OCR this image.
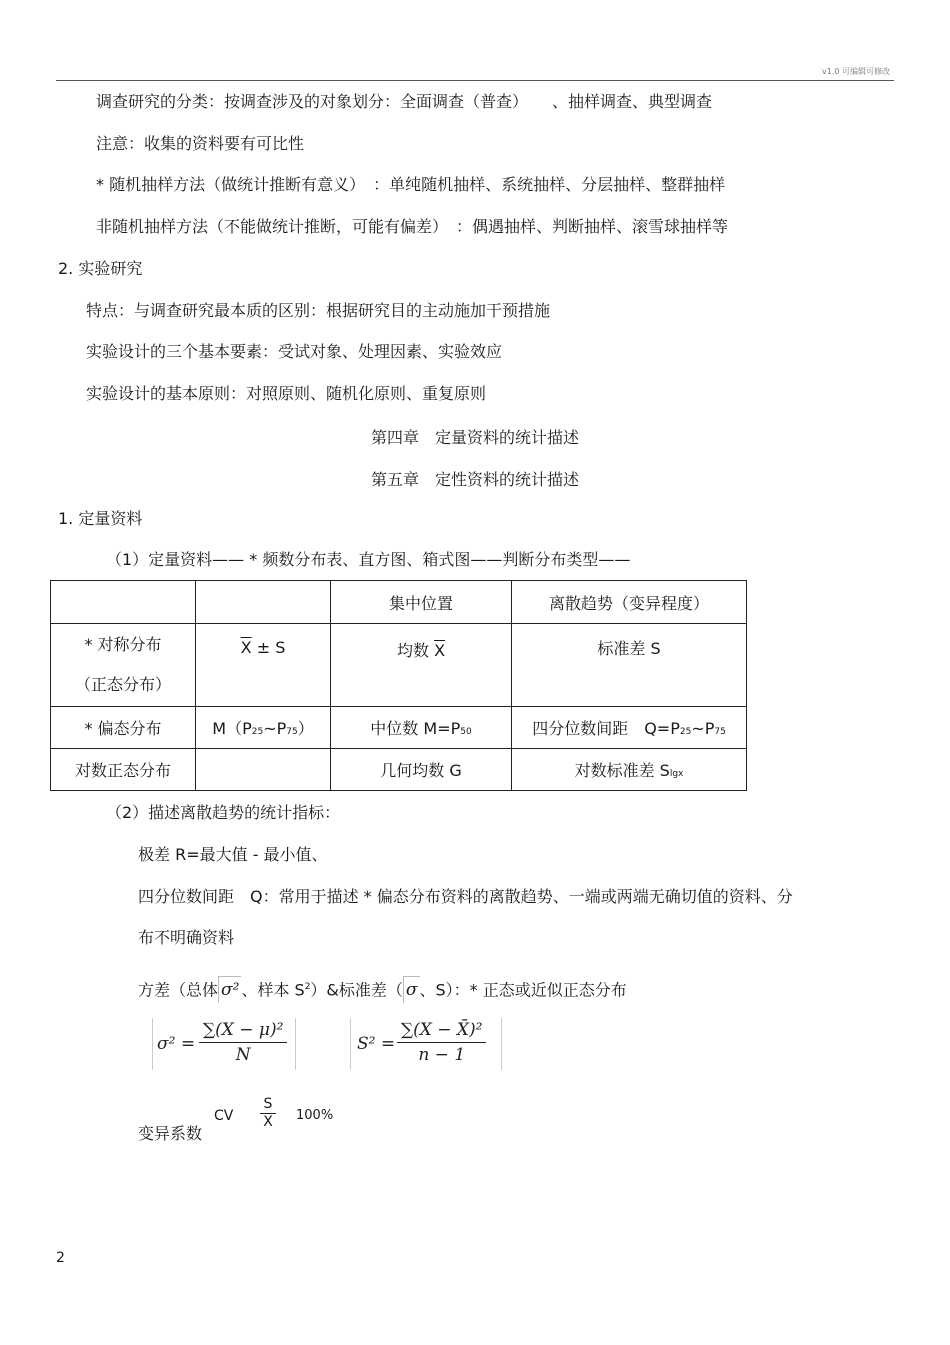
v1.0 可编辑可修改
调查研究的分类：按调查涉及的对象划分：全面调查（普查）　　、抽样调查、典型调查
注意：收集的资料要有可比性
* 随机抽样方法（做统计推断有意义）　：单纯随机抽样、系统抽样、分层抽样、整群抽样
非随机抽样方法（不能做统计推断，可能有偏差）　：偶遇抽样、判断抽样、滚雪球抽样等
2. 实验研究
特点：与调查研究最本质的区别：根据研究目的主动施加干预措施
实验设计的三个基本要素：受试对象、处理因素、实验效应
实验设计的基本原则：对照原则、随机化原则、重复原则
第四章　定量资料的统计描述
第五章　定性资料的统计描述
1. 定量资料
（1）定量资料—— * 频数分布表、直方图、箱式图——判断分布类型——
		集中位置	离散趋势（变异程度）

* 对称分布
（正态分布）	$\overline{X} \pm S$	均数 $\overline{X}$	标准差 S
* 偏态分布	M（P25~P75）	中位数 M=P50	四分位数间距　Q=P25~P75
对数正态分布		几何均数 G	对数标准差 Slgx
（2）描述离散趋势的统计指标：
极差 R=最大值 - 最小值、
四分位数间距　Q：常用于描述 * 偏态分布资料的离散趋势、一端或两端无确切值的资料、分
布不明确资料
方差（总体 σ² 、样本 $S^2)\&$标准差（ σ 、S）：* 正态或近似正态分布
$\sigma^2 = \frac{\text{∑(X − μ)²}}{N}$	$S^2 = \frac{\text{∑(X − X̄)²}}{n - 1}$
变异系数
CV $\frac{S}{X} 100\%$
2
